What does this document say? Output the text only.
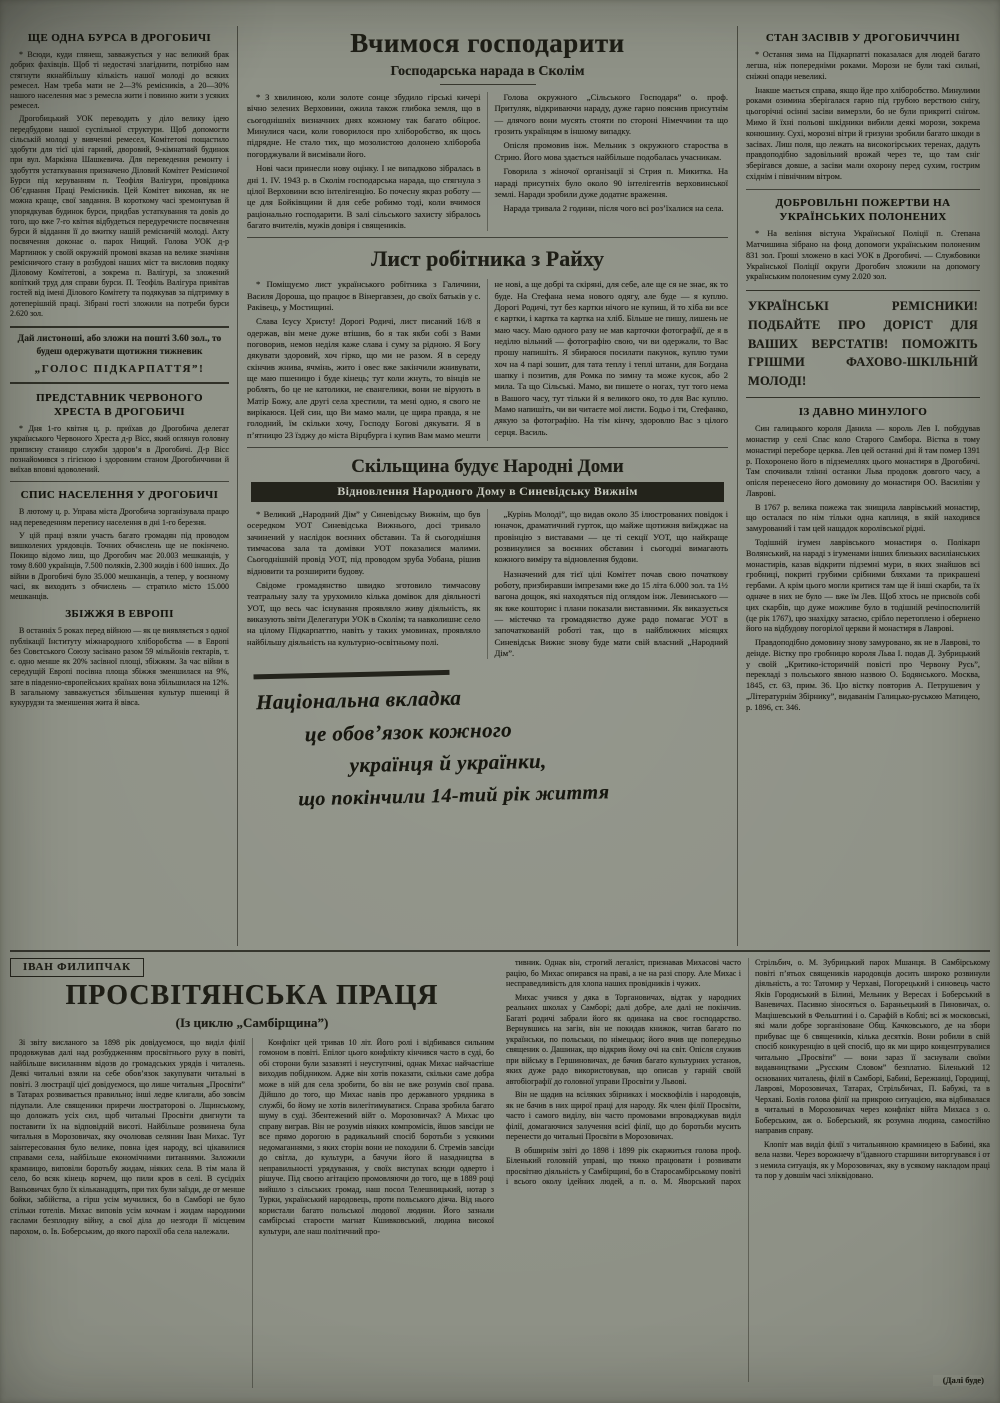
ЩЕ ОДНА БУРСА В ДРОГОБИЧІ

* Всюди, куди глянеш, завважується у нас великий брак добрих фахівців. Щоб ті недостачі злагіднити, потрібно нам стягнути якнайбільшу кількість нашої молоді до всяких ремесел. Нам треба мати не 2—3% ремісників, а 20—30% нашого населення має з ремесла жити і повинно жити з усяких ремесел.

Дрогобицький УОК переводить у діло велику ідею передбудови нашої суспільної структури. Щоб допомогти сільській молоді у вивченні ремесел, Комітетові пощастило здобути для тієї цілі гарний, дворовий, 9-кімнатний будинок при вул. Маркіяна Шашкевича. Для переведення ремонту і здобуття устаткування призначено Діловий Комітет Ремісничої Бурси під керуванням п. Теофіля Валігури, провідника Об’єднання Праці Ремісників. Цей Комітет виконав, як не можна краще, свої завдання. В короткому часі зремонтував й упорядкував будинок бурси, придбав устаткування та довів до того, що вже 7-го квітня відбудеться передуречисте посвячення бурси й віддання її до вжитку нашій ремісничій молоді. Акту посвячення доконає о. парох Нищий. Голова УОК д-р Мартинюк у своїй окружній промові вказав на велике значіння ремісничого стану в розбудові наших міст та висловив подяку Діловому Комітетові, а зокрема п. Валігурі, за зложений копіткий труд для справи бурси. П. Теофіль Валігура привітав гостей від імені Ділового Комітету та подякував за підтримку в дотеперішній праці. Зібрані гості зложили на потреби бурси 2.620 зол.

Дай листоноші, або зложи на пошті 3.60 зол., то будеш одержувати щотижня тижневик

„ГОЛОС ПІДКАРПАТТЯ”!

ПРЕДСТАВНИК ЧЕРВОНОГО ХРЕСТА В ДРОГОБИЧІ

* Дня 1-го квітня ц. р. приїхав до Дрогобича делегат українського Червоного Хреста д-р Вісс, який оглянув головну приписну станицю служби здоров’я в Дрогобичі. Д-р Вісс познайомився з гігієною і здоровним станом Дрогобиччини й виїхав вповні вдоволений.

СПИС НАСЕЛЕННЯ У ДРОГОБИЧІ

В лютому ц. р. Управа міста Дрогобича зорганізувала працю над переведенням перепису населення в дні 1-го березня.

У цій праці взяли участь багато громадян під проводом вишколених урядовців. Точних обчислень ще не покінчено. Покищо відомо лиш, що Дрогобич має 20.003 мешканців, у тому 8.600 українців, 7.500 поляків, 2.300 жидів і 600 інших. До війни в Дрогобичі було 35.000 мешканців, а тепер, у воєнному часі, як виходить з обчислень — стратило місто 15.000 мешканців.

ЗБІЖЖЯ В ЕВРОПІ

В останніх 5 роках перед війною — як це виявляється з одної публікації Інституту міжнародного хліборобства — в Европі без Совєтського Союзу засівано разом 59 мільйонів гектарів, т. є. одно менше як 20% засівної площі, збіжжям. За час війни в середущій Европі посівна площа збіжжя зменшилася на 9%, зате в південно-європейських країнах вона збільшилася на 12%. В загальному завважується збільшення культур пшениці й кукурудзи та зменшення жита й вівса.

Вчимося господарити
Господарська нарада в Сколім

* З хвилиною, коли золоте сонце збудило гірські кичері вічно зелених Верховини, ожила також глибока земля, що в сьогоднішніх визначних днях кожному так багато обіцює. Минулися часи, коли говорилося про хліборобство, як щось підрядне. Не стало тих, що мозолистою долонею хлібороба погорджували й висмівали його.

Нові часи принесли нову оцінку. І не випадково зібралась в дні 1. IV. 1943 р. в Сколім господарська нарада, що стягнула з цілої Верховини всю інтелігенцію. Бо почесну якраз роботу — це для Бойківщини й для себе робимо тоді, коли вчимося раціонально господарити. В залі сільського захисту зібралось багато вчителів, мужів довіря і священиків.

Голова окружного „Сільського Господаря” о. проф. Притуляк, відкриваючи нараду, дуже гарно пояснив присутнім — длячого вони мусять стояти по стороні Німеччини та що грозить українцям в іншому випадку.

Опісля промовив інж. Мельник з окружного староства в Стрию. Його мова здається найбільше подобалась учасникам.

Говорила з жіночої організації зі Стрия п. Микитка. На нараді присутніх було около 90 інтелігентів верховинської землі. Наради зробили дуже додатнє враження.

Нарада тривала 2 години, після чого всі роз’їхалися на села.

Лист робітника з Райху

* Поміщуємо лист українського робітника з Галичини, Василя Дороша, що працює в Вінергавзен, до своїх батьків у с. Раківець, у Мостищині.

Слава Ісусу Христу! Дорогі Родичі, лист писаний 16/8 я одержав, він мене дуже втішив, бо я так якби собі з Вами поговорив, немов неділя каже слава і суму за рідною. Я Богу дякувати здоровий, хоч гірко, що ми не разом. Я в середу скінчив жнива, ячмінь, жито і овес вже закінчили жнивувати, ще маю пшеницю і буде кінець; тут коли жнуть, то вінців не роблять, бо це не католики, не євангелики, вони не вірують в Матір Божу, але другі села хрестили, та мені одно, я свого не вирікаюся. Цей син, що Ви мамо мали, це щира правда, я не голодний, їм скільки хочу, Господу Богові дякувати. Я в п’ятницю 23 їзджу до міста Вірцбурга і купив Вам мамо мешти не нові, а ще добрі та скіряні, для себе, але ще ся не знає, як то буде. На Стефана нема нового одягу, але буде — я куплю. Дорогі Родичі, тут без картки нічого не купиш, й то хіба ви все є картки, і картка та картка на хліб. Більше не пишу, лишень не маю часу. Маю одного разу не мав карточки фотографії, де я в неділю вільний — фотографію свою, чи ви одержали, то Вас прошу напишіть. Я збираюся посилати пакунок, куплю туми хоч на 4 парі зошит, для тата теплу і теплі штани, для Богдана шапку і позитив, для Ромка по зимну та може кусок, або 2 мила. Та що Сільські. Мамо, ви пишете о ногах, тут того нема в Вашого часу, тут тільки й я великого око, то для Вас куплю. Мамо напишіть, чи ви читаєте мої листи. Бодьо і ти, Стефанко, дякую за фотографію. На тім кінчу, здоровлю Вас з цілого серця. Василь.

Скільщина будує Народні Доми
Відновлення Народного Дому в Синевідську Вижнім

* Великий „Народний Дім” у Синевідську Вижнім, що був осередком УОТ Синевідська Вижнього, досі тривало зачинений у наслідок воєнних обставин. Та й сьогоднішня тимчасова зала та домівки УОТ показалися малими. Сьогоднішній провід УОТ, під проводом зруба Уобана, рішив відновити та розширити будову.

Свідоме громадянство швидко зготовило тимчасову театральну залу та урухомило кілька домівок для діяльності УОТ, що весь час існування проявляло живу діяльність, як виказують звіти Делегатури УОК в Сколім; та навколишнє село на цілому Підкарпаттю, навіть у таких умовинах, проявляло найбільшу діяльність на культурно-освітньому полі.

„Курінь Молоді”, що видав около 35 ілюстрованих повідок і юначок, драматичний гурток, що майже щотижня виїжджає на провінцію з виставами — це ті секції УОТ, що найкраще розвинулися за воєнних обставин і сьогодні вимагають кожного виміру та відновлення будови.

Назначений для тієї цілі Комітет почав свою початкову роботу, призбиравши імпрезами вже до 15 літа 6.000 зол. та 1½ вагона дощок, які находяться під оглядом інж. Левинського — як вже кошторис і плани показали виставними. Як виказується — містечко та громадянство дуже радо помагає УОТ в започаткованій роботі так, що в найближчих місяцях Синевідськ Вижнє знову буде мати свій власний „Народний Дім”.

Національна вкладка

це обов’язок кожного

українця й українки,

що покінчили 14-тий рік життя

СТАН ЗАСІВІВ У ДРОГОБИЧЧИНІ

* Остання зима на Підкарпатті показалася для людей багато легша, ніж попередніми роками. Морози не були такі сильні, сніжні опади невеликі.

Інакше мається справа, якщо йде про хліборобство. Минулими роками озимина зберігалася гарно під грубою верствою снігу, цьогорічні осінні засіви вимерзли, бо не були прикриті снігом. Мимо й їхні польові шкідники вибили деякі морози, зокрема конюшину. Сухі, морозні вітри й гризуни зробили багато шкоди в засівах. Лиш поля, що лежать на високогірських теренах, дадуть правдоподібно задовільний врожай через те, що там сніг зберігався довше, а засіви мали охорону перед сухим, гострим східнім і північним вітром.

ДОБРОВІЛЬНІ ПОЖЕРТВИ НА УКРАЇНСЬКИХ ПОЛОНЕНИХ

* На веління вістуна Української Поліції п. Степана Матчишина зібрано на фонд допомоги українським полоненим 831 зол. Гроші зложено в касі УОК в Дрогобичі. — Службовики Української Поліції округи Дрогобич зложили на допомогу українським полоненим суму 2.020 зол.

УКРАЇНСЬКІ РЕМІСНИКИ! ПОДБАЙТЕ ПРО ДОРІСТ ДЛЯ ВАШИХ ВЕРСТАТІВ! ПОМОЖІТЬ ГРІШМИ ФАХОВО-ШКІЛЬНІЙ МОЛОДІ!
ІЗ ДАВНО МИНУЛОГО

Син галицького короля Данила — король Лев І. побудував монастир у селі Спас коло Старого Самбора. Вістка в тому монастирі переборе церква. Лев цей останні дні й там помер 1391 р. Похоронено його в підземеллях цього монастиря в Дрогобичі. Там спочивали тлінні останки Льва продовж довгого часу, а опісля перенесено його домовину до монастиря ОО. Василіян у Лаврові.

В 1767 р. велика пожежа так знищила лаврівський монастир, що осталася по нім тільки одна каплиця, в якій находився замурований і там цей нащадок королівської рідні.

Тодішній ігумен лаврівського монастиря о. Полікарп Волянський, на нараді з ігуменами інших близьких василіанських монастирів, казав відкрити підземні мури, в яких знайшов всі гробниці, покриті грубими срібними бляхами та прикрашені гербами. А крім цього могли критися там ще й інші скарби, та їх одначе в них не було — вже їм Лев. Щоб хтось не присвоїв собі цих скарбів, що дуже можливе було в тодішній речіпосполитій (це рік 1767), цю знахідку затаєно, срібло перетоплено і обернено його на відбудову погорілої церкви й монастиря в Лаврові.

Правдоподібно домовину знову замуровано, як не в Лаврові, то деінде. Вістку про гробницю короля Льва І. подав Д. Зубрицький у своїй „Критико-історичній повісті про Червону Русь”, перекладі з польського явною назвою О. Бодянського. Москва, 1845, ст. 63, прим. 36. Цю вістку повторив А. Петрушевич у „Літературнім Збірнику”, видаванім Галицько-руською Матицею, р. 1896, ст. 346.

ІВАН ФИЛИПЧАК
ПРОСВІТЯНСЬКА ПРАЦЯ
(Із циклю „Самбірщина”)

Зі звіту висланого за 1898 рік довідуємося, що виділ філії продовжував далі над розбудженням просвітнього руху в повіті, найбільше висиланням відозв до громадських урядів і читалень. Деякі читальні взяли на себе обов’язок закупувати читальні в повіті. З люстрації цієї довідуємося, що лише читальня „Просвіти” в Татарах розвивається правильно; інші ледве клигали, або зовсім підупали. Але священики приречи люстраторові о. Лщинському, що доложать усіх сил, щоб читальні Просвіти двигнути та поставити їх на відповідній висоті. Найбільше розвинена була читальня в Морозовичах, яку очолював селянин Іван Михас. Тут заінтересовання було велике, повна ідея народу, всі цікавилися справами села, найбільше економічними питаннями. Заложили крамницю, виповіли боротьбу жидам, ніяких села. В тім мала й село, бо всяк кінець корчем, що пили кров в селі. В сусідніх Ваньовичах було їх кільканадцять, при тих були заїзди, де от менше бойки, забійства, а гірш усім мучилися, бо в Самборі не було стільки готелів. Михас виповів усім кочмам і жидам народними гаслами безплодну війну, а свої діла до незгоди її місцевим парохом, о. Ів. Боберським, до якого парохії оба села належали.

Конфлікт цей тривав 10 літ. Його ролі і відбивався сильним гомоном в повіті. Епілог цього конфлікту кінчився часто в суді, бо обі сторони були зазавзяті і неуступчиві, однак Михас найчастіше виходив побідником. Адже він хотів показати, скільки саме добра може в ній для села зробити, бо він не вже розумів свої права. Дійшло до того, що Михас навів про державного урядника в службі, бо йому не хотів вилегітимуватися. Справа зробила багато шуму в суді. Збентежений війт о. Морозовичах? А Михас цю справу виграв. Він не розумів ніяких компромісів, йшов завсіди не все прямо дорогою в радикальний спосіб боротьби з усякими недомаганнями, з яких сторін вони не походили б. Стремів завсіди до світла, до культури, а бачучи його й назадництва в неправильності урядування, у своїх виступах всюди одверто і рішуче. Під своєю агітацією промовляючи до того, ще в 1889 році вийшло з сільських громад, наш посол Телешницький, нотар з Турки, український народовець, проти польського діяча. Від нього користали багато польської людової людини. Його зазнали самбірські старости магнат Кшивковський, людина високої культури, але наш політичний про-

тивник. Однак він, строгий легаліст, признавав Михасові часто рацію, бо Михас опирався на праві, а не на разі спору. Але Михас і несправедливість для хлопа наших провідників і чужих.

Михас учився у дяка в Торгановичах, відтак у народних реальних школах у Самборі; далі добре, але далі не покінчив. Багаті родичі забрали його як одинака на своє господарство. Вернувшись на загін, він не покидав книжок, читав багато по українськи, по польськи, по німецьки; його вчив ще попередньо священик о. Дашинак, що відкрив йому очі на світ. Опісля служив при війську в Гершиновичах, де бачив багато культурних установ, яких дуже радо використовував, що описав у гарній своїй автобіографії до головної управи Просвіти у Львові.

Він не щадив на всіляких збірниках і москвофілів і народовців, як не бачив в них щирої праці для народу. Як член філії Просвіти, часто і самого виділу, він часто промовами впроваджував виділ філії, домагаючися залучення всієї філії, що до боротьби мусить перенести до читальні Просвіти в Морозовичах.

В обширнім звіті до 1898 і 1899 рік скаржиться голова проф. Біленький головній управі, що тяжко працювати і розвивати просвітню діяльність у Самбірщині, бо в Старосамбірському повіті і всього околу ідейних людей, а п. о. М. Яворський парох Стрільбич, о. М. Зубрицький парох Мшанця. В Самбірському повіті п’ятьох священиків народовців досить широко розвинули діяльність, а то: Татомир у Черхаві, Погорецький і синовець часто Яків Городиський в Білині, Мельник у Вересах і Боберський в Ваневичах. Пасивно зіносяться о. Бараньецький в Пиновичах, о. Мацішевський в Фельштині і о. Сарафій в Коблі; всі ж московські, які мали добре зорганізоване Общ. Качковського, де на збори прибуває ще 6 священиків, кілька десятків. Вони робили в свій спосіб конкуренцію в цей спосіб, що як ми щиро концентрувалися читальню „Просвіти” — вони зараз її заснували своїми видавництвами „Русским Словом” безплатно. Біленький 12 основаних читалень, філії в Самборі, Бабині, Бережниці, Городищі, Лаврові, Морозовичах, Татарах, Стрільбичах, П. Бабужі, та в Черхаві. Болів голова філії на прикрою ситуацією, яка відбивалася в читальні в Морозовичах через конфлікт війта Михаса з о. Боберським, аж о. Боберський, як розумна людина, самостійно направив справу.

Клопіт мав виділ філії з читальняною крамницею в Бабині, яка вела назви. Через ворожнечу в’їдавного старшини виторгувався і от з немила ситуація, як у Морозовичах, яку в усякому накладом праці та пор у довшім часі зліквідовано.

(Далі буде)
